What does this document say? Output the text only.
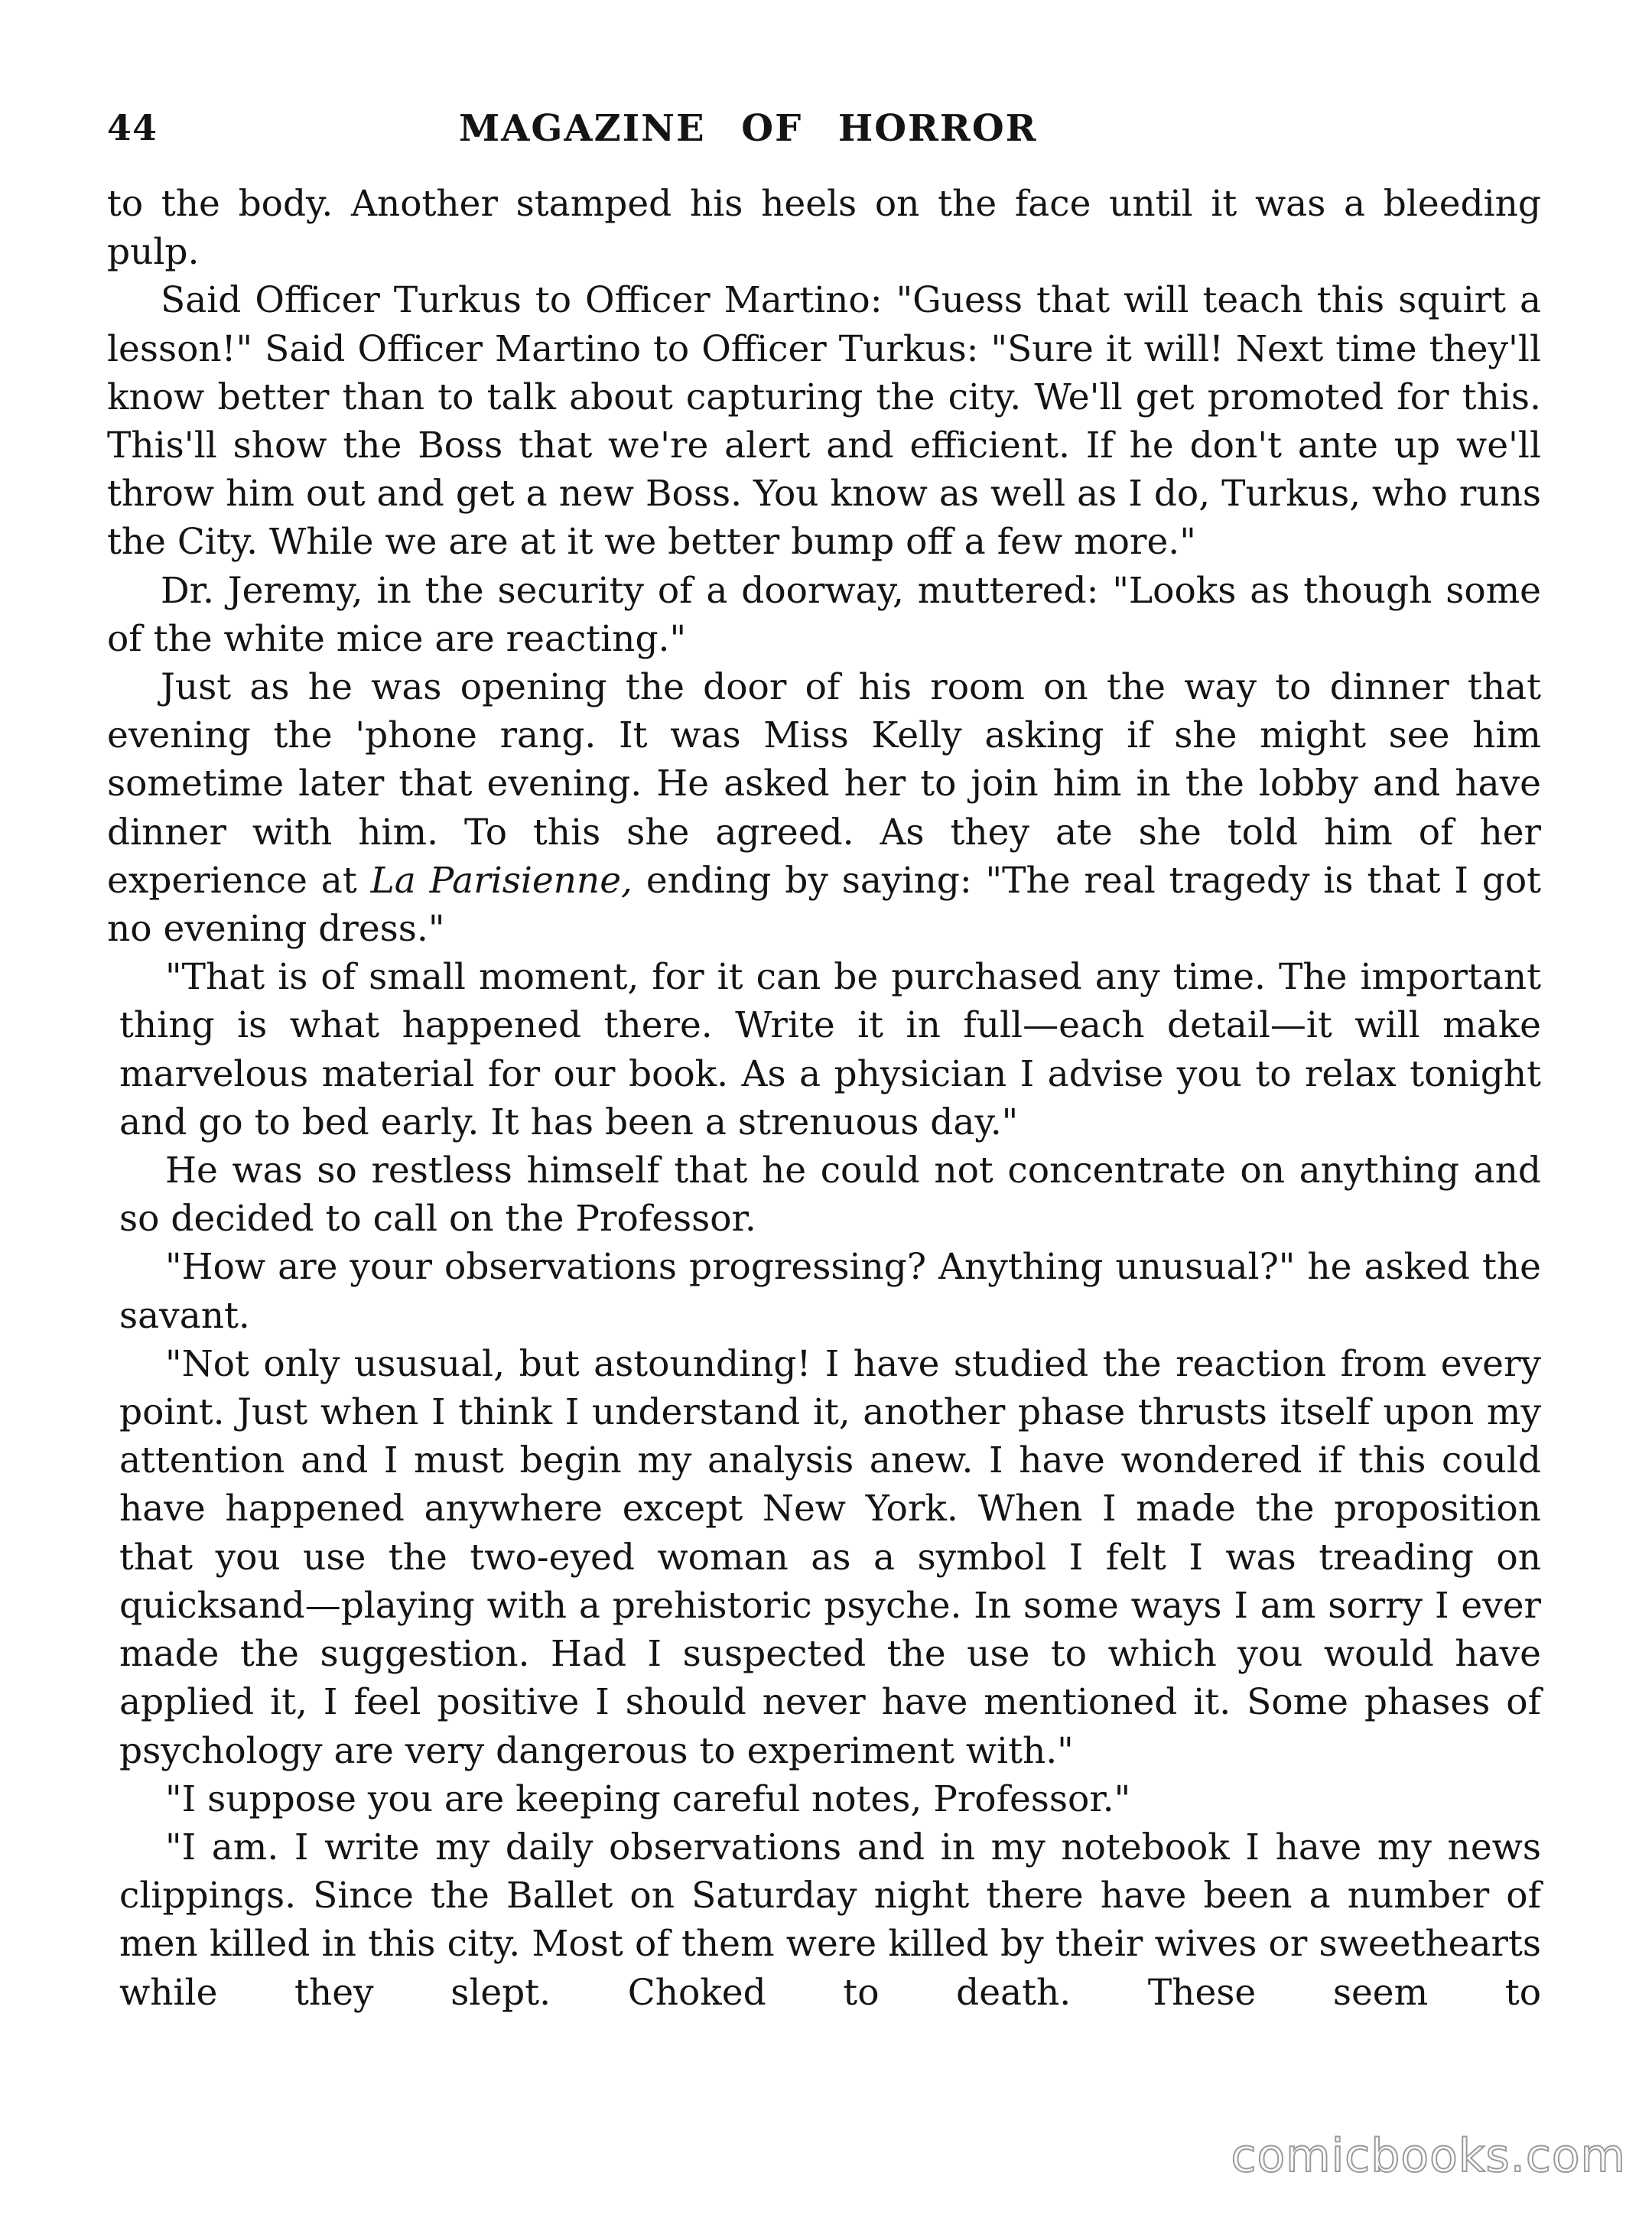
44	MAGAZINE OF HORROR

to the body. Another stamped his heels on the face until it was a bleeding pulp.

Said Officer Turkus to Officer Martino: "Guess that will teach this squirt a lesson!" Said Officer Martino to Officer Turkus: "Sure it will! Next time they'll know better than to talk about capturing the city. We'll get promoted for this. This'll show the Boss that we're alert and efficient. If he don't ante up we'll throw him out and get a new Boss. You know as well as I do, Turkus, who runs the City. While we are at it we better bump off a few more."

Dr. Jeremy, in the security of a doorway, muttered: "Looks as though some of the white mice are reacting."

Just as he was opening the door of his room on the way to dinner that evening the 'phone rang. It was Miss Kelly asking if she might see him sometime later that evening. He asked her to join him in the lobby and have dinner with him. To this she agreed. As they ate she told him of her experience at La Parisienne, ending by saying: "The real tragedy is that I got no evening dress."

"That is of small moment, for it can be purchased any time. The important thing is what happened there. Write it in full—each detail—it will make marvelous material for our book. As a physician I advise you to relax tonight and go to bed early. It has been a strenuous day."

He was so restless himself that he could not concentrate on anything and so decided to call on the Professor.

"How are your observations progressing? Anything unusual?" he asked the savant.

"Not only ususual, but astounding! I have studied the reaction from every point. Just when I think I understand it, another phase thrusts itself upon my attention and I must begin my analysis anew. I have wondered if this could have happened anywhere except New York. When I made the proposition that you use the two-eyed woman as a symbol I felt I was treading on quicksand—playing with a prehistoric psyche. In some ways I am sorry I ever made the suggestion. Had I suspected the use to which you would have applied it, I feel positive I should never have mentioned it. Some phases of psychology are very dangerous to experiment with."

"I suppose you are keeping careful notes, Professor."

"I am. I write my daily observations and in my notebook I have my news clippings. Since the Ballet on Saturday night there have been a number of men killed in this city. Most of them were killed by their wives or sweethearts while they slept. Choked to death. These seem to

comicbooks.com
